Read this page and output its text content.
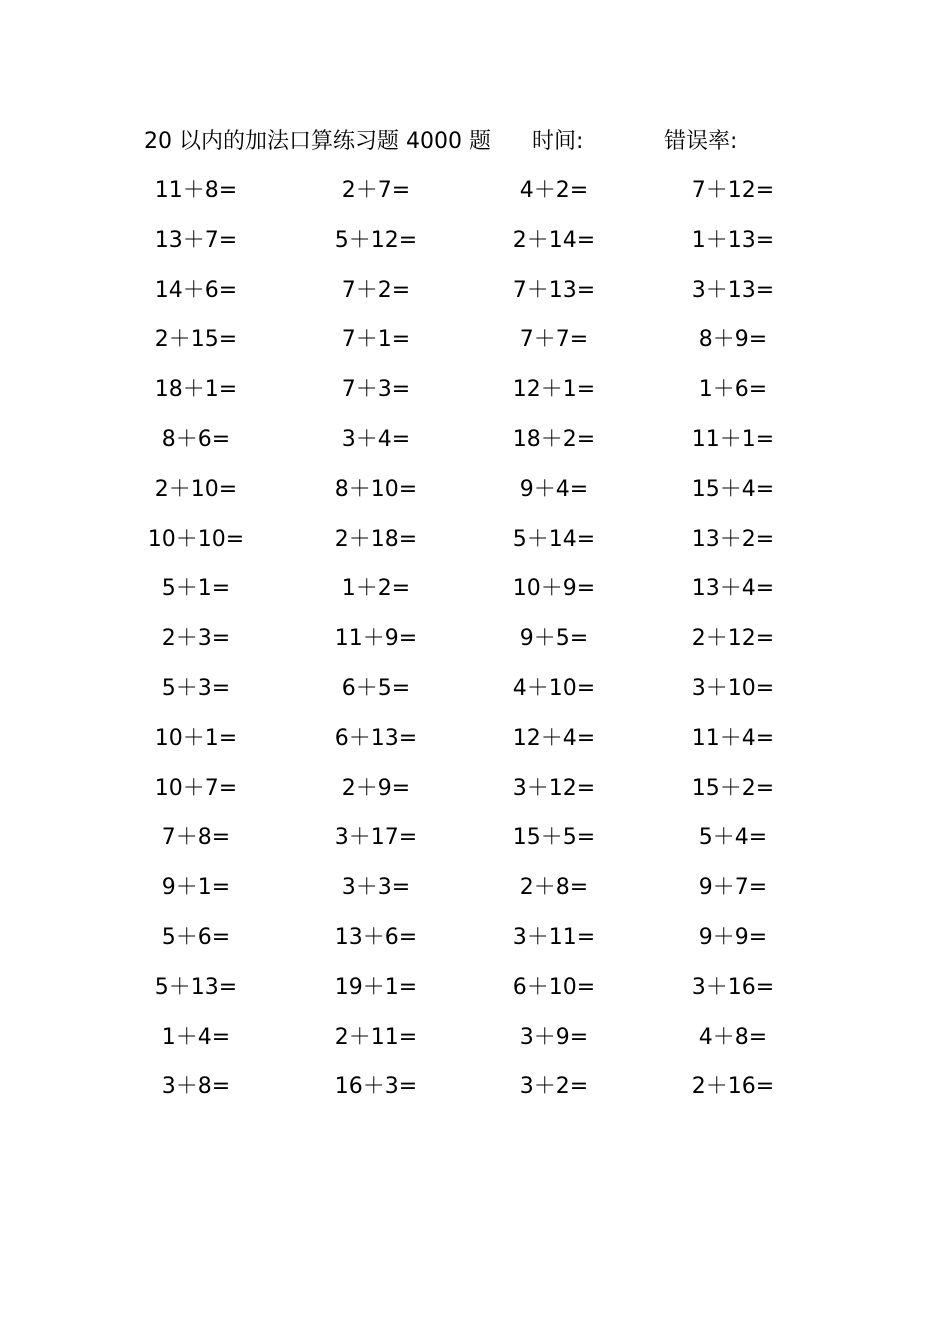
20 以内的加法口算练习题 4000 题 时间:	错误率:
11＋8=	2＋7=	4＋2=	7＋12=
13＋7=	5＋12=	2＋14=	1＋13=
14＋6=	7＋2=	7＋13=	3＋13=
2＋15=	7＋1=	7＋7=	8＋9=
18＋1=	7＋3=	12＋1=	1＋6=
8＋6=	3＋4=	18＋2=	11＋1=
2＋10=	8＋10=	9＋4=	15＋4=
10＋10=	2＋18=	5＋14=	13＋2=
5＋1=	1＋2=	10＋9=	13＋4=
2＋3=	11＋9=	9＋5=	2＋12=
5＋3=	6＋5=	4＋10=	3＋10=
10＋1=	6＋13=	12＋4=	11＋4=
10＋7=	2＋9=	3＋12=	15＋2=
7＋8=	3＋17=	15＋5=	5＋4=
9＋1=	3＋3=	2＋8=	9＋7=
5＋6=	13＋6=	3＋11=	9＋9=
5＋13=	19＋1=	6＋10=	3＋16=
1＋4=	2＋11=	3＋9=	4＋8=
3＋8=	16＋3=	3＋2=	2＋16=
